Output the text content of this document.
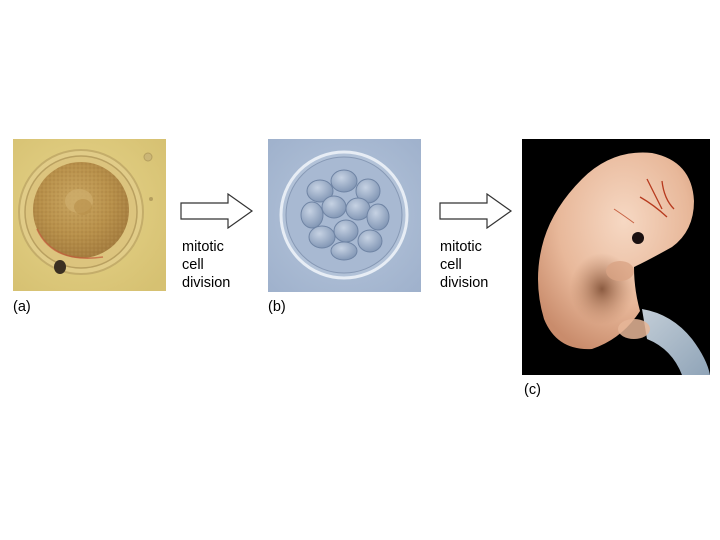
mitotic
cell
division
mitotic
cell
division
(a)	(b)
(c)
